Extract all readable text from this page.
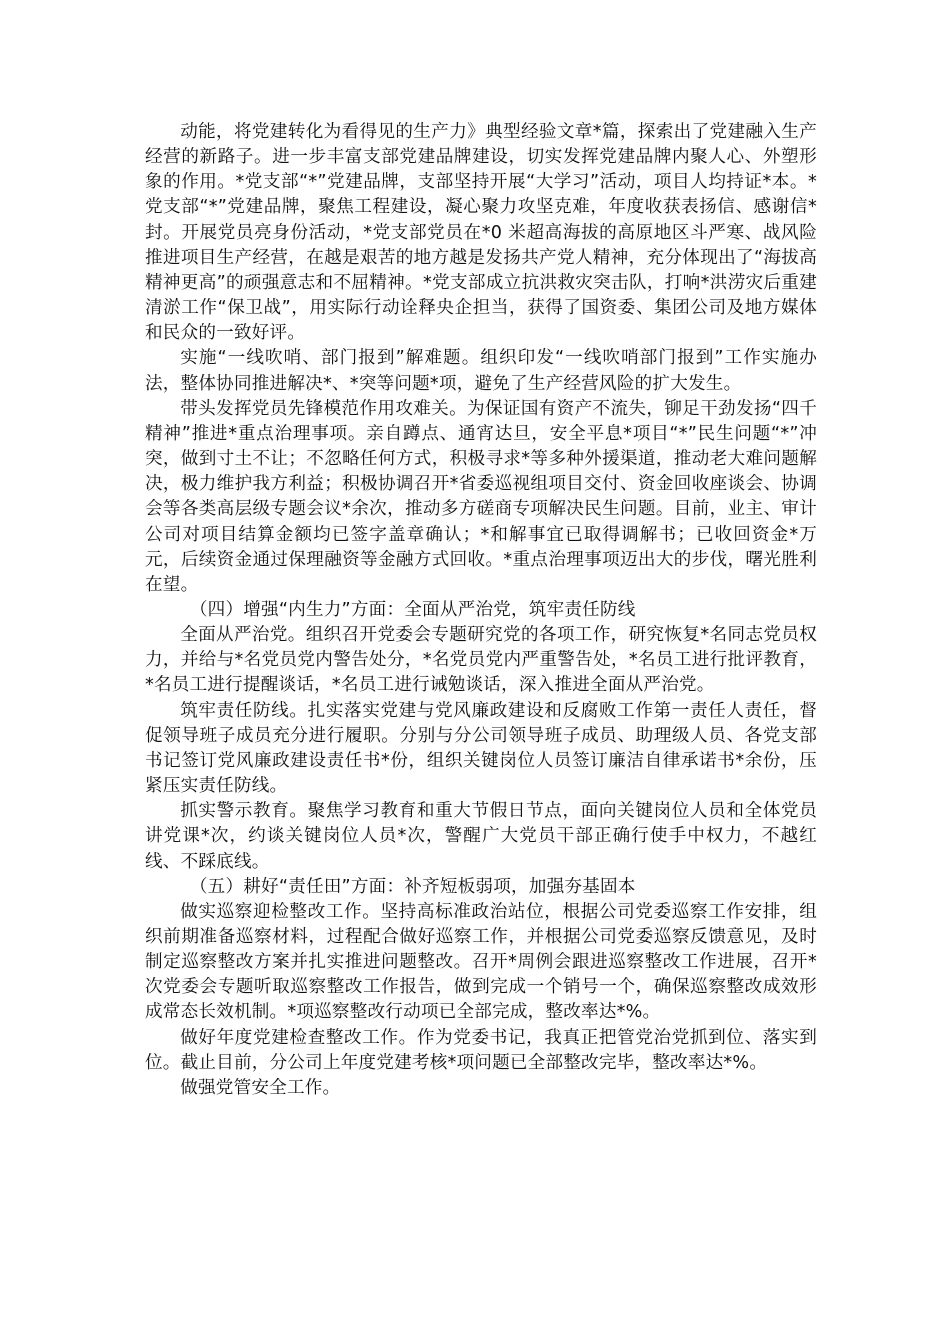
动能，将党建转化为看得见的生产力》典型经验文章*篇，探索出了党建融入生产经营的新路子。进一步丰富支部党建品牌建设，切实发挥党建品牌内聚人心、外塑形象的作用。*党支部“*”党建品牌，支部坚持开展“大学习”活动，项目人均持证*本。*党支部“*”党建品牌，聚焦工程建设，凝心聚力攻坚克难，年度收获表扬信、感谢信*封。开展党员亮身份活动，*党支部党员在*0 米超高海拔的高原地区斗严寒、战风险推进项目生产经营，在越是艰苦的地方越是发扬共产党人精神，充分体现出了“海拔高精神更高”的顽强意志和不屈精神。*党支部成立抗洪救灾突击队，打响*洪涝灾后重建清淤工作“保卫战”，用实际行动诠释央企担当，获得了国资委、集团公司及地方媒体和民众的一致好评。

实施“一线吹哨、部门报到”解难题。组织印发“一线吹哨部门报到”工作实施办法，整体协同推进解决*、*突等问题*项，避免了生产经营风险的扩大发生。

带头发挥党员先锋模范作用攻难关。为保证国有资产不流失，铆足干劲发扬“四千精神”推进*重点治理事项。亲自蹲点、通宵达旦，安全平息*项目“*”民生问题“*”冲突，做到寸土不让；不忽略任何方式，积极寻求*等多种外援渠道，推动老大难问题解决，极力维护我方利益；积极协调召开*省委巡视组项目交付、资金回收座谈会、协调会等各类高层级专题会议*余次，推动多方磋商专项解决民生问题。目前，业主、审计公司对项目结算金额均已签字盖章确认；*和解事宜已取得调解书；已收回资金*万元，后续资金通过保理融资等金融方式回收。*重点治理事项迈出大的步伐，曙光胜利在望。

（四）增强“内生力”方面：全面从严治党，筑牢责任防线

全面从严治党。组织召开党委会专题研究党的各项工作，研究恢复*名同志党员权力，并给与*名党员党内警告处分，*名党员党内严重警告处，*名员工进行批评教育，*名员工进行提醒谈话，*名员工进行诫勉谈话，深入推进全面从严治党。

筑牢责任防线。扎实落实党建与党风廉政建设和反腐败工作第一责任人责任，督促领导班子成员充分进行履职。分别与分公司领导班子成员、助理级人员、各党支部书记签订党风廉政建设责任书*份，组织关键岗位人员签订廉洁自律承诺书*余份，压紧压实责任防线。

抓实警示教育。聚焦学习教育和重大节假日节点，面向关键岗位人员和全体党员讲党课*次，约谈关键岗位人员*次，警醒广大党员干部正确行使手中权力，不越红线、不踩底线。

（五）耕好“责任田”方面：补齐短板弱项，加强夯基固本

做实巡察迎检整改工作。坚持高标准政治站位，根据公司党委巡察工作安排，组织前期准备巡察材料，过程配合做好巡察工作，并根据公司党委巡察反馈意见，及时制定巡察整改方案并扎实推进问题整改。召开*周例会跟进巡察整改工作进展，召开*次党委会专题听取巡察整改工作报告，做到完成一个销号一个，确保巡察整改成效形成常态长效机制。*项巡察整改行动项已全部完成，整改率达*%。

做好年度党建检查整改工作。作为党委书记，我真正把管党治党抓到位、落实到位。截止目前，分公司上年度党建考核*项问题已全部整改完毕，整改率达*%。

做强党管安全工作。
